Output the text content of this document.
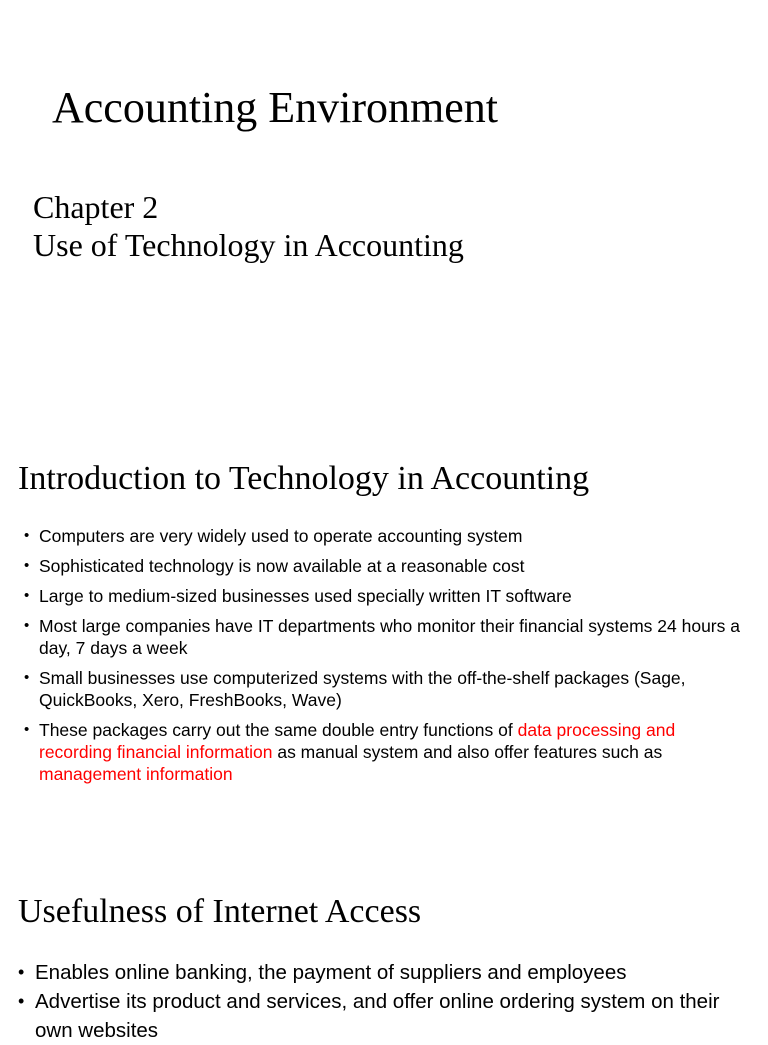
Accounting Environment
Chapter 2
Use of Technology in Accounting
Introduction to Technology in Accounting
• Computers are very widely used to operate accounting system
• Sophisticated technology is now available at a reasonable cost
• Large to medium-sized businesses used specially written IT software
• Most large companies have IT departments who monitor their financial systems 24 hours a day, 7 days a week
• Small businesses use computerized systems with the off-the-shelf packages (Sage, QuickBooks, Xero, FreshBooks, Wave)
• These packages carry out the same double entry functions of data processing and recording financial information as manual system and also offer features such as management information
Usefulness of Internet Access
• Enables online banking, the payment of suppliers and employees
• Advertise its product and services, and offer online ordering system on their own websites
